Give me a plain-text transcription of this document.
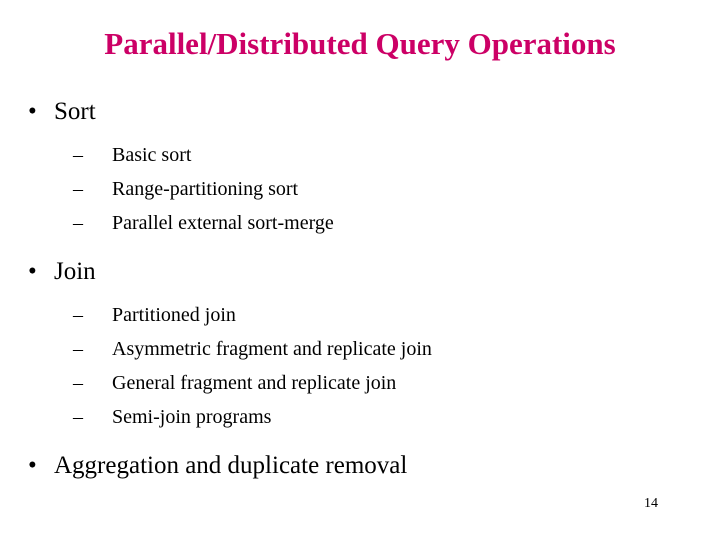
Parallel/Distributed Query Operations
• Sort
– Basic sort
– Range-partitioning sort
– Parallel external sort-merge
• Join
– Partitioned join
– Asymmetric fragment and replicate join
– General fragment and replicate join
– Semi-join programs
• Aggregation and duplicate removal
14
